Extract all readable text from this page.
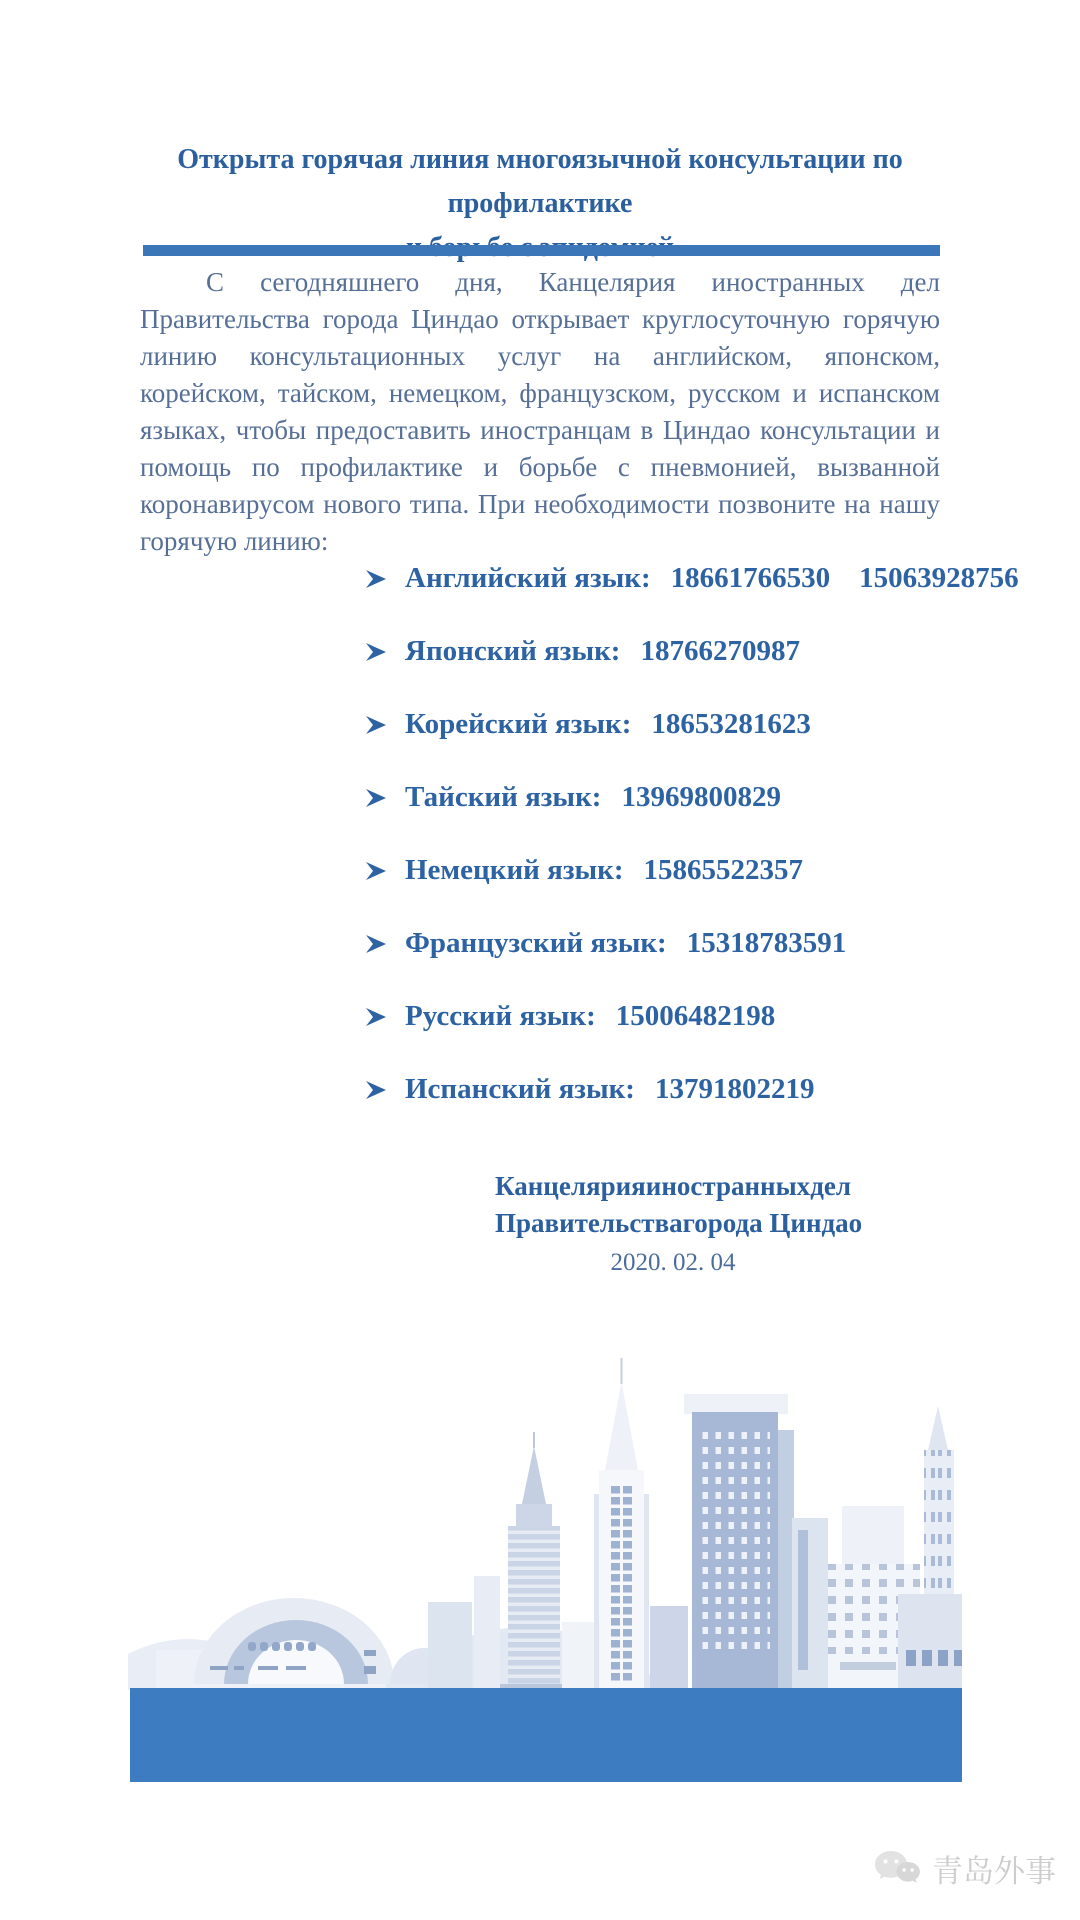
Открыта горячая линия многоязычной консультации по профилактике
С сегодняшнего дня, Канцелярия иностранных дел Правительства города Циндао открывает круглосуточную горячую линию консультационных услуг на английском, японском, корейском, тайском, немецком, французском, русском и испанском языках, чтобы предоставить иностранцам в Циндао консультации и помощь по профилактике и борьбе с пневмонией, вызванной коронавирусом нового типа. При необходимости позвоните на нашу горячую линию:
Английский язык: 18661766530    15063928756
Японский язык: 18766270987
Корейский язык: 18653281623
Тайский язык: 13969800829
Немецкий язык: 15865522357
Французский язык: 15318783591
Русский язык: 15006482198
Испанский язык: 13791802219
Канцелярия иностранных дел
Правительствагорода Циндао
2020. 02. 04
青岛外事
